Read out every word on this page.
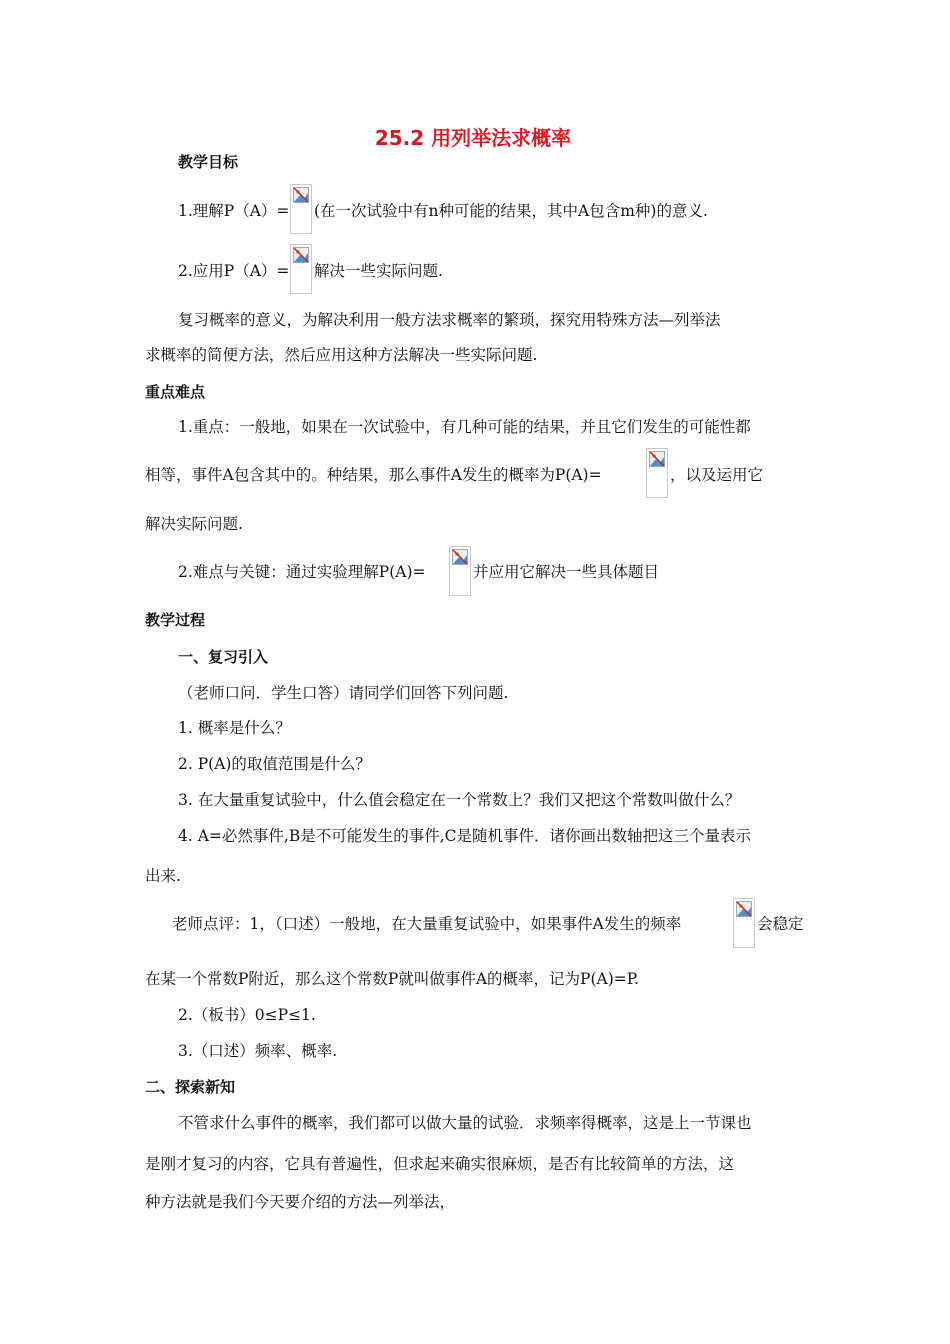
25.2 用列举法求概率
教学目标
1.理解P（A）= (在一次试验中有n种可能的结果，其中A包含m种)的意义.
2.应用P（A）= 解决一些实际问题.
复习概率的意义，为解决利用一般方法求概率的繁琐，探究用特殊方法—列举法
求概率的简便方法，然后应用这种方法解决一些实际问题.
重点难点
1.重点：一般地，如果在一次试验中，有几种可能的结果，并且它们发生的可能性都
相等，事件A包含其中的。种结果，那么事件A发生的概率为P(A)=	，以及运用它
解决实际问题.
2.难点与关键：通过实验理解P(A)=	并应用它解决一些具体题目
教学过程
一、复习引入
（老师口问．学生口答）请同学们回答下列问题.
1. 概率是什么？
2. P(A)的取值范围是什么？
3. 在大量重复试验中，什么值会稳定在一个常数上？我们又把这个常数叫做什么？
4. A=必然事件,B是不可能发生的事件,C是随机事件．诸你画出数轴把这三个量表示
出来.
老师点评：1，（口述）一般地，在大量重复试验中，如果事件A发生的频率	会稳定
在某一个常数P附近，那么这个常数P就叫做事件A的概率，记为P(A)=P.
2.（板书）0≤P≤1.
3.（口述）频率、概率.
二、探索新知
不管求什么事件的概率，我们都可以做大量的试验．求频率得概率，这是上一节课也
是刚才复习的内容，它具有普遍性，但求起来确实很麻烦，是否有比较简单的方法，这
种方法就是我们今天要介绍的方法—列举法，
